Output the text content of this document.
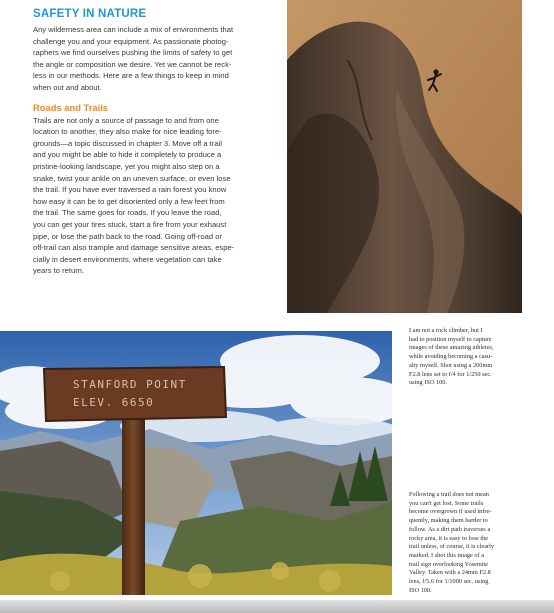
SAFETY IN NATURE

Any wilderness area can include a mix of environments that
challenge you and your equipment. As passionate photog-
raphers we find ourselves pushing the limits of safety to get
the angle or composition we desire. Yet we cannot be reck-
less in our methods. Here are a few things to keep in mind
when out and about.

Roads and Trails

Trails are not only a source of passage to and from one
location to another, they also make for nice leading fore-
grounds—a topic discussed in chapter 3. Move off a trail
and you might be able to hide it completely to produce a
pristine-looking landscape, yet you might also step on a
snake, twist your ankle on an uneven surface, or even lose
the trail. If you have ever traversed a rain forest you know
how easy it can be to get disoriented only a few feet from
the trail. The same goes for roads. If you leave the road,
you can get your tires stuck, start a fire from your exhaust
pipe, or lose the path back to the road. Going off-road or
off-trail can also trample and damage sensitive areas, espe-
cially in desert environments, where vegetation can take
years to return.

I am not a rock climber, but I
had to position myself to capture
images of these amazing athletes,
while avoiding becoming a casu-
alty myself. Shot using a 200mm
F2.8 lens set to f/4 for 1/250 sec.
using ISO 100.
STANFORD POINT
ELEV. 6650
Following a trail does not mean
you can't get lost. Some trails
become overgrown if used infre-
quently, making them harder to
follow. As a dirt path traverses a
rocky area, it is easy to lose the
trail unless, of course, it is clearly
marked. I shot this image of a
trail sign overlooking Yosemite
Valley. Taken with a 24mm F2.8
lens, f/5.6 for 1/1000 sec. using
ISO 100.
